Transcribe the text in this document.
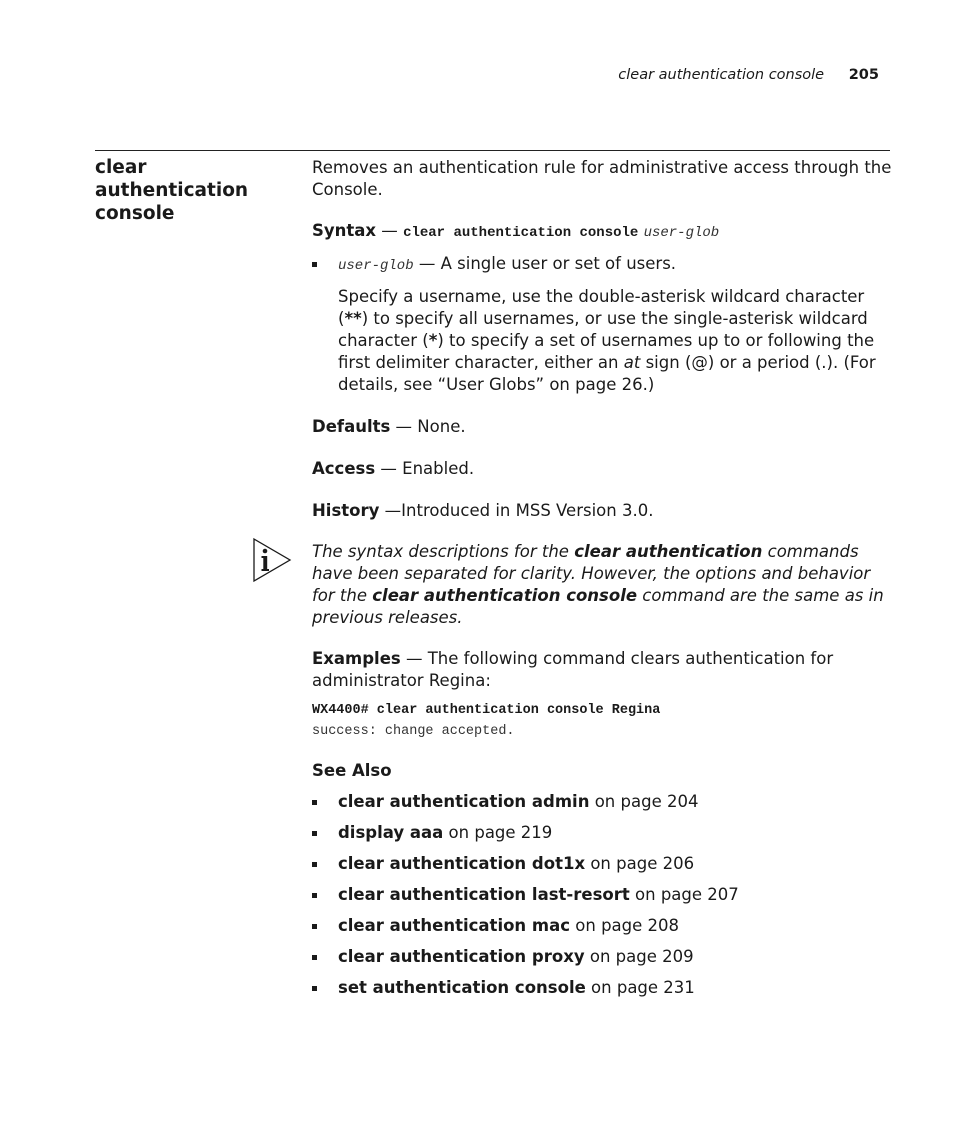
clear authentication console 205
clear authentication
console

Removes an authentication rule for administrative access through the Console.

Syntax — clear authentication console user-glob

user-glob — A single user or set of users.

Specify a username, use the double-asterisk wildcard character (**) to specify all usernames, or use the single-asterisk wildcard character (*) to specify a set of usernames up to or following the first delimiter character, either an at sign (@) or a period (.). (For details, see “User Globs” on page 26.)

Defaults — None.

Access — Enabled.

History —Introduced in MSS Version 3.0.

The syntax descriptions for the clear authentication commands have been separated for clarity. However, the options and behavior for the clear authentication console command are the same as in previous releases.

Examples — The following command clears authentication for administrator Regina:

WX4400# clear authentication console Regina
success: change accepted.

See Also

clear authentication admin on page 204

display aaa on page 219

clear authentication dot1x on page 206

clear authentication last-resort on page 207

clear authentication mac on page 208

clear authentication proxy on page 209

set authentication console on page 231
